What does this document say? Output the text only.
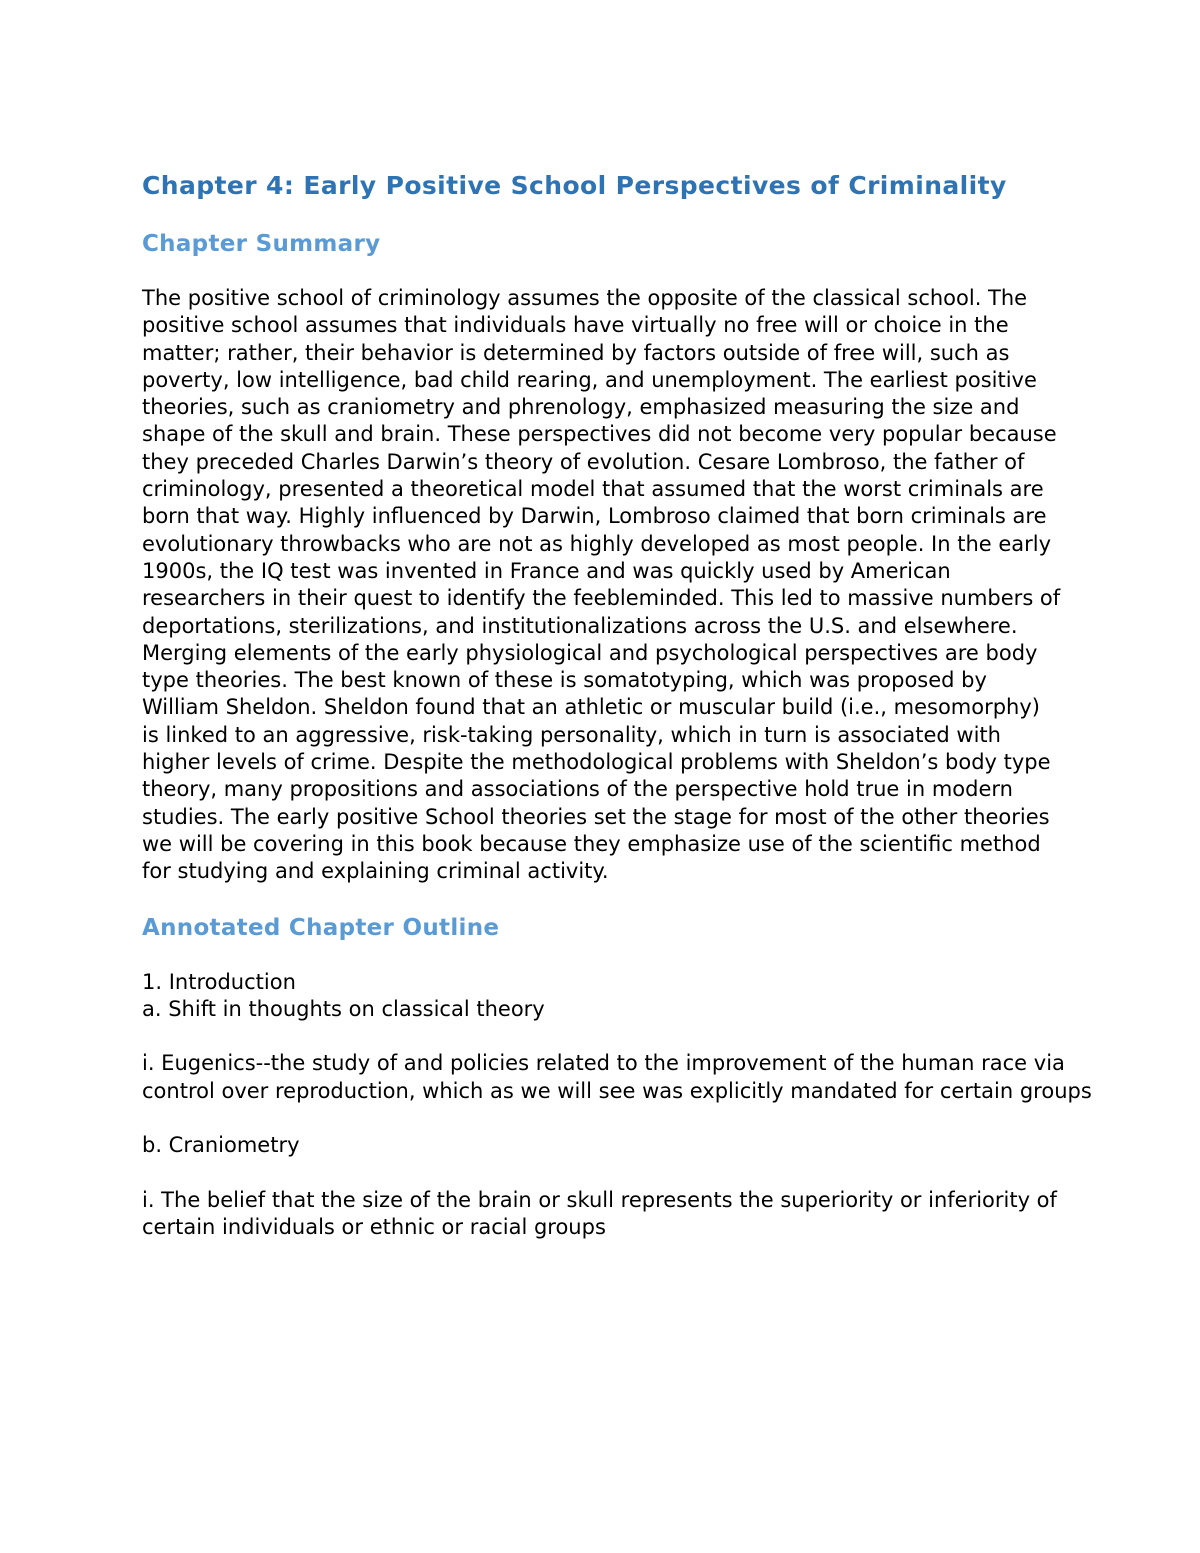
Chapter 4: Early Positive School Perspectives of Criminality
Chapter Summary

The positive school of criminology assumes the opposite of the classical school. The positive school assumes that individuals have virtually no free will or choice in the matter; rather, their behavior is determined by factors outside of free will, such as poverty, low intelligence, bad child rearing, and unemployment. The earliest positive theories, such as craniometry and phrenology, emphasized measuring the size and shape of the skull and brain. These perspectives did not become very popular because they preceded Charles Darwin’s theory of evolution. Cesare Lombroso, the father of criminology, presented a theoretical model that assumed that the worst criminals are born that way. Highly influenced by Darwin, Lombroso claimed that born criminals are evolutionary throwbacks who are not as highly developed as most people. In the early 1900s, the IQ test was invented in France and was quickly used by American researchers in their quest to identify the feebleminded. This led to massive numbers of deportations, sterilizations, and institutionalizations across the U.S. and elsewhere. Merging elements of the early physiological and psychological perspectives are body type theories. The best known of these is somatotyping, which was proposed by William Sheldon. Sheldon found that an athletic or muscular build (i.e., mesomorphy) is linked to an aggressive, risk-taking personality, which in turn is associated with higher levels of crime. Despite the methodological problems with Sheldon’s body type theory, many propositions and associations of the perspective hold true in modern studies. The early positive School theories set the stage for most of the other theories we will be covering in this book because they emphasize use of the scientific method for studying and explaining criminal activity.

Annotated Chapter Outline

1. Introduction

a. Shift in thoughts on classical theory

i. Eugenics--the study of and policies related to the improvement of the human race via control over reproduction, which as we will see was explicitly mandated for certain groups

b. Craniometry

i. The belief that the size of the brain or skull represents the superiority or inferiority of certain individuals or ethnic or racial groups
